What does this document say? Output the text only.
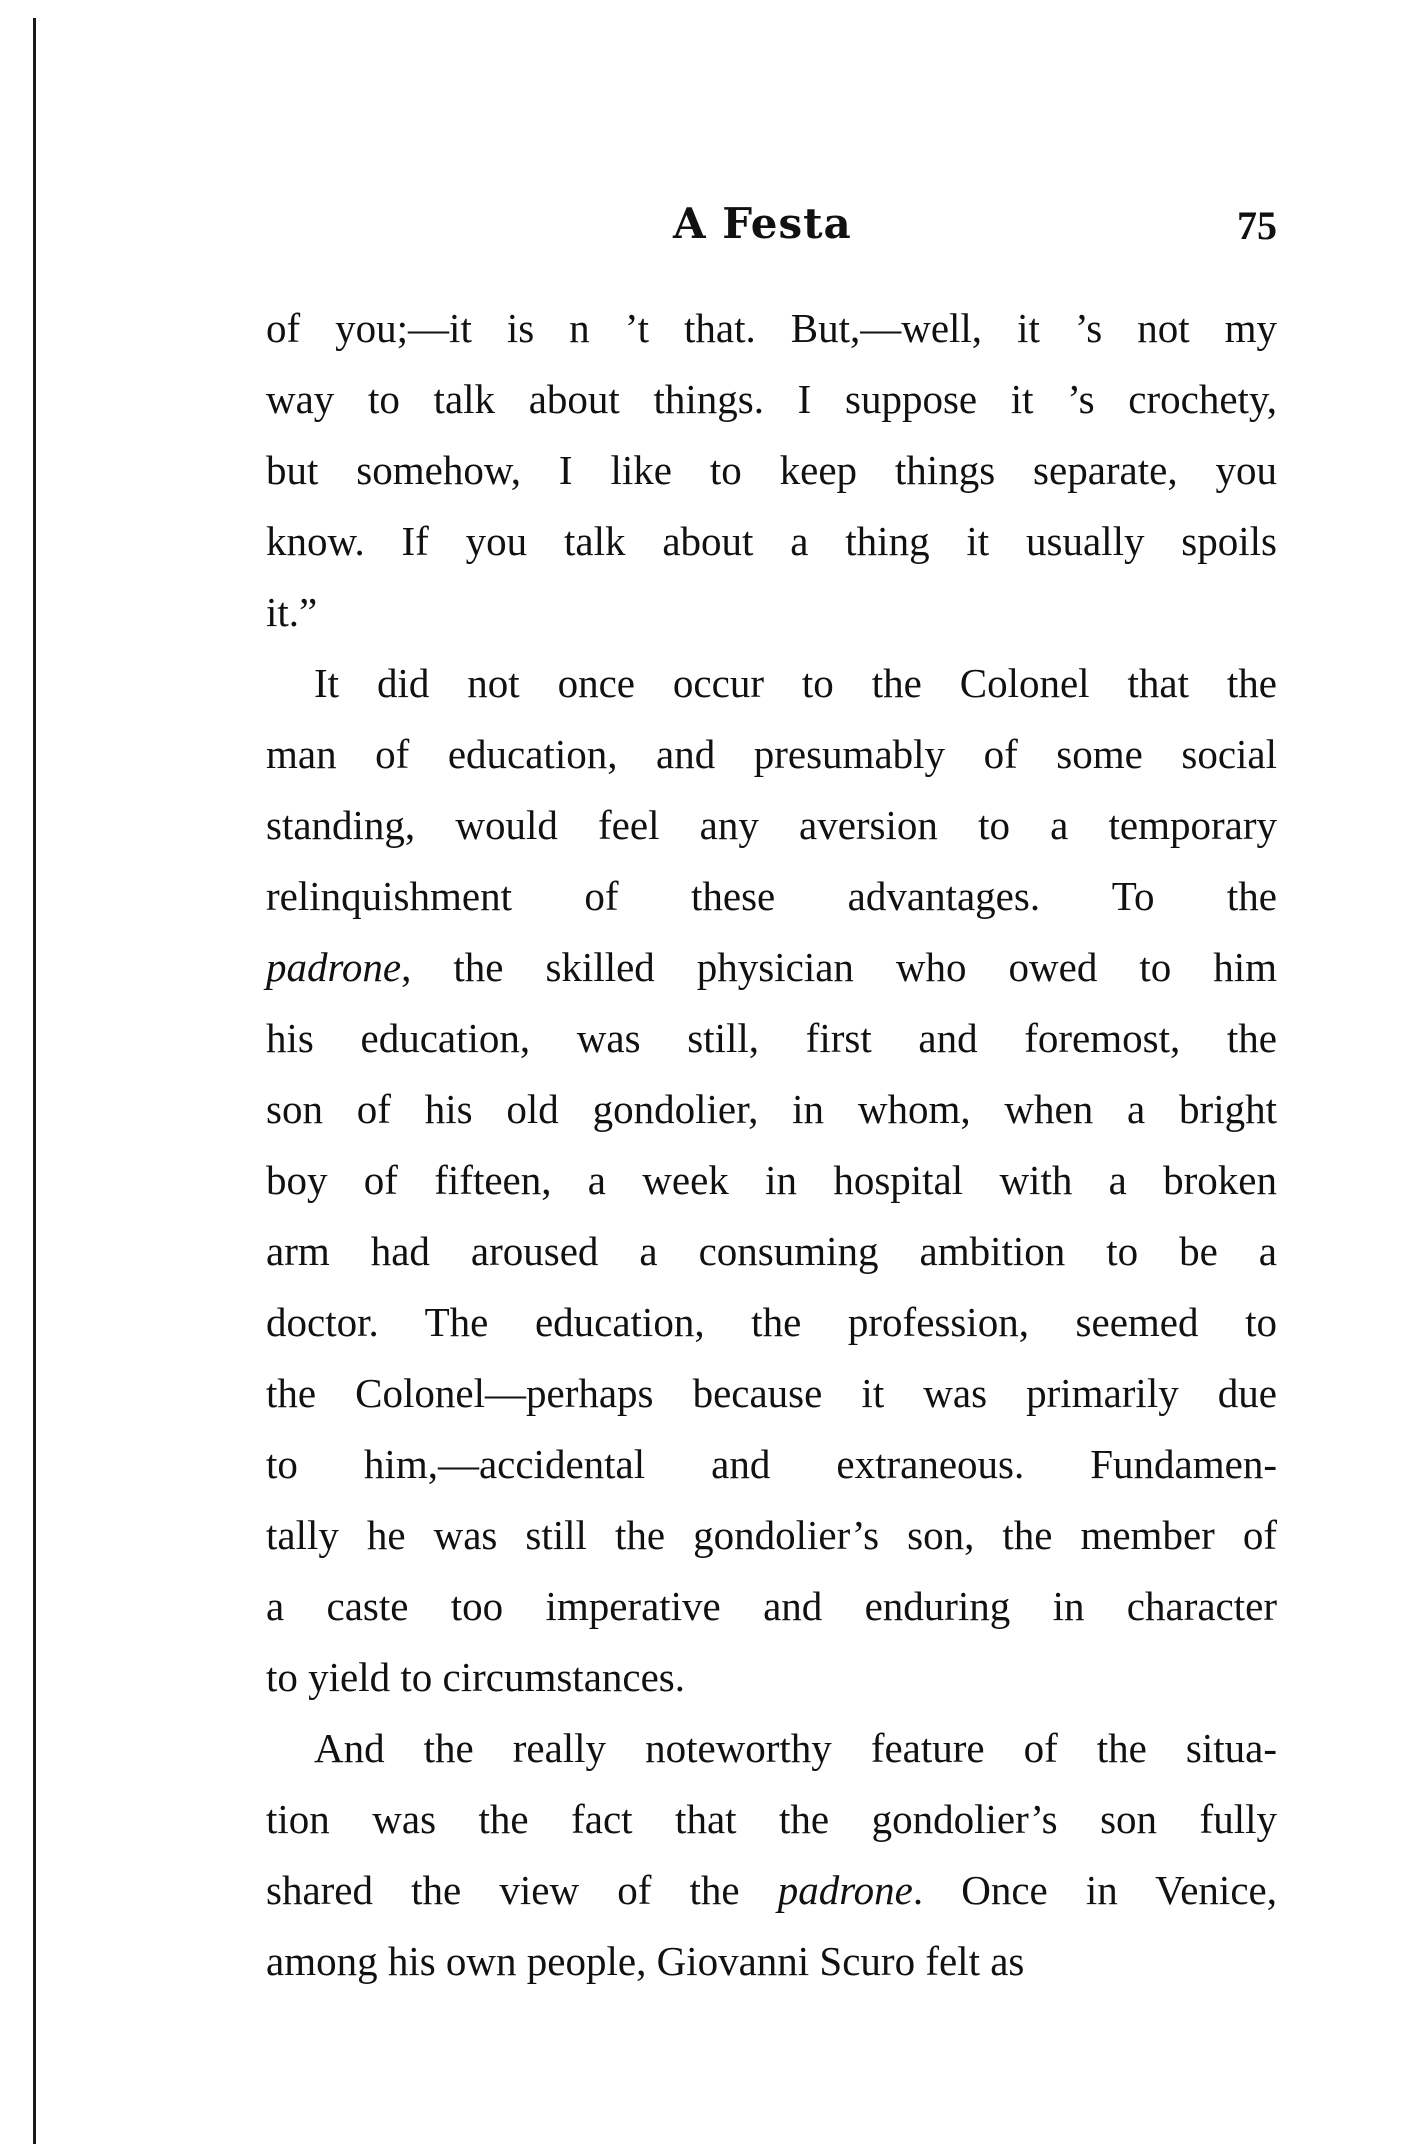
A Festa	75
of you;—it is n ’t that. But,—well, it ’s not my
way to talk about things. I suppose it ’s crochety,
but somehow, I like to keep things separate, you
know. If you talk about a thing it usually spoils
it.”
It did not once occur to the Colonel that the
man of education, and presumably of some social
standing, would feel any aversion to a temporary
relinquishment of these advantages. To the
padrone, the skilled physician who owed to him
his education, was still, first and foremost, the
son of his old gondolier, in whom, when a bright
boy of fifteen, a week in hospital with a broken
arm had aroused a consuming ambition to be a
doctor. The education, the profession, seemed to
the Colonel—perhaps because it was primarily due
to him,—accidental and extraneous. Fundamen-
tally he was still the gondolier’s son, the member of
a caste too imperative and enduring in character
to yield to circumstances.
And the really noteworthy feature of the situa-
tion was the fact that the gondolier’s son fully
shared the view of the padrone. Once in Venice,
among his own people, Giovanni Scuro felt as
